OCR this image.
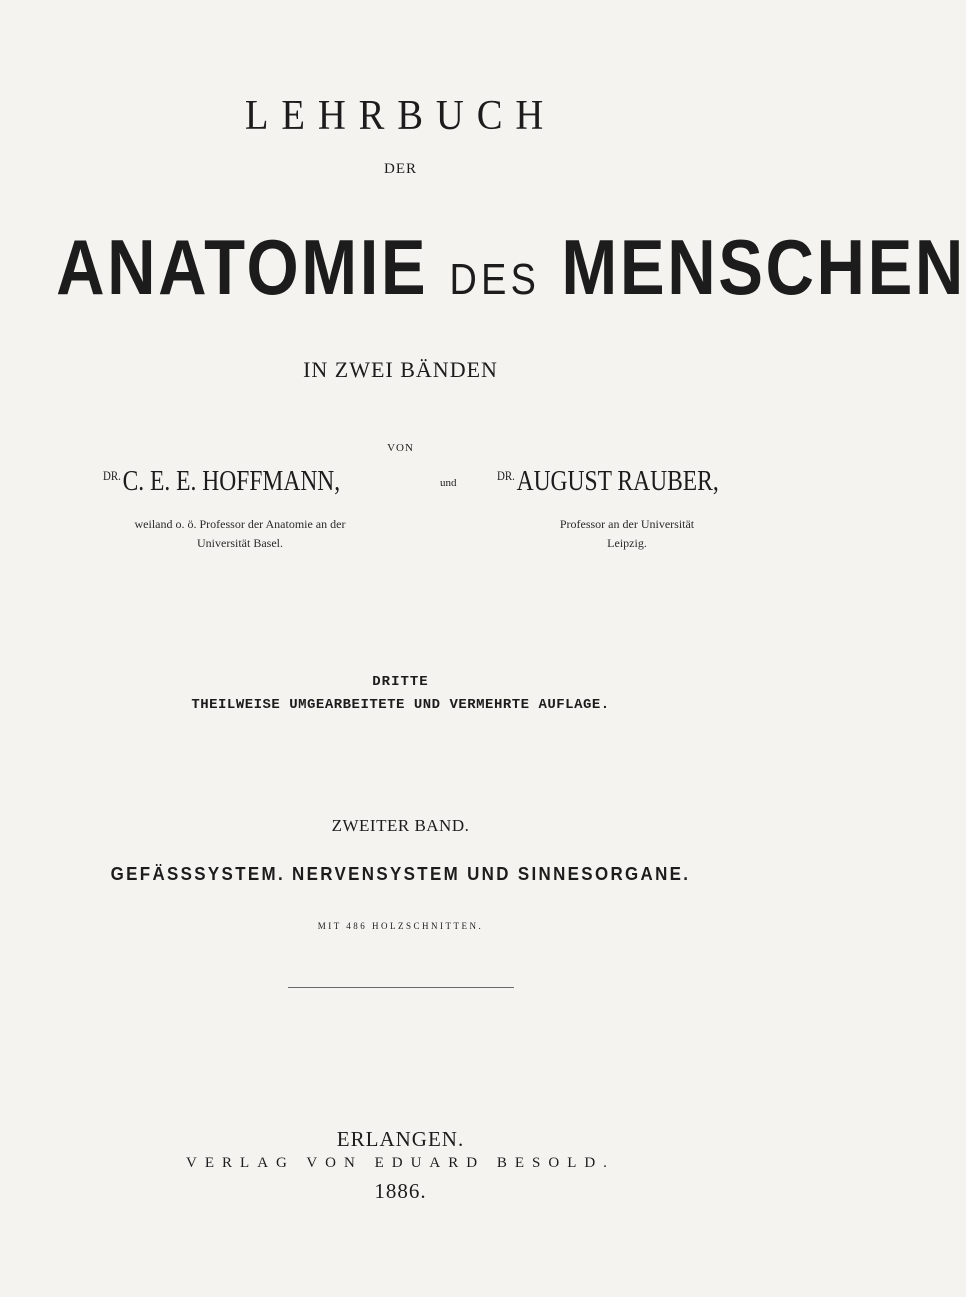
LEHRBUCH
DER
ANATOMIE DES MENSCHEN
IN ZWEI BÄNDEN
VON
$^{DR.}$C. E. E. HOFFMANN,	und
$^{DR.}$AUGUST RAUBER,
weiland o. ö. Professor der Anatomie an der
Universität Basel.
Professor an der Universität
Leipzig.
DRITTE
THEILWEISE UMGEARBEITETE UND VERMEHRTE AUFLAGE.
ZWEITER BAND.
GEFÄSSSYSTEM. NERVENSYSTEM UND SINNESORGANE.
MIT 486 HOLZSCHNITTEN.
ERLANGEN.
VERLAG VON EDUARD BESOLD.
1886.
